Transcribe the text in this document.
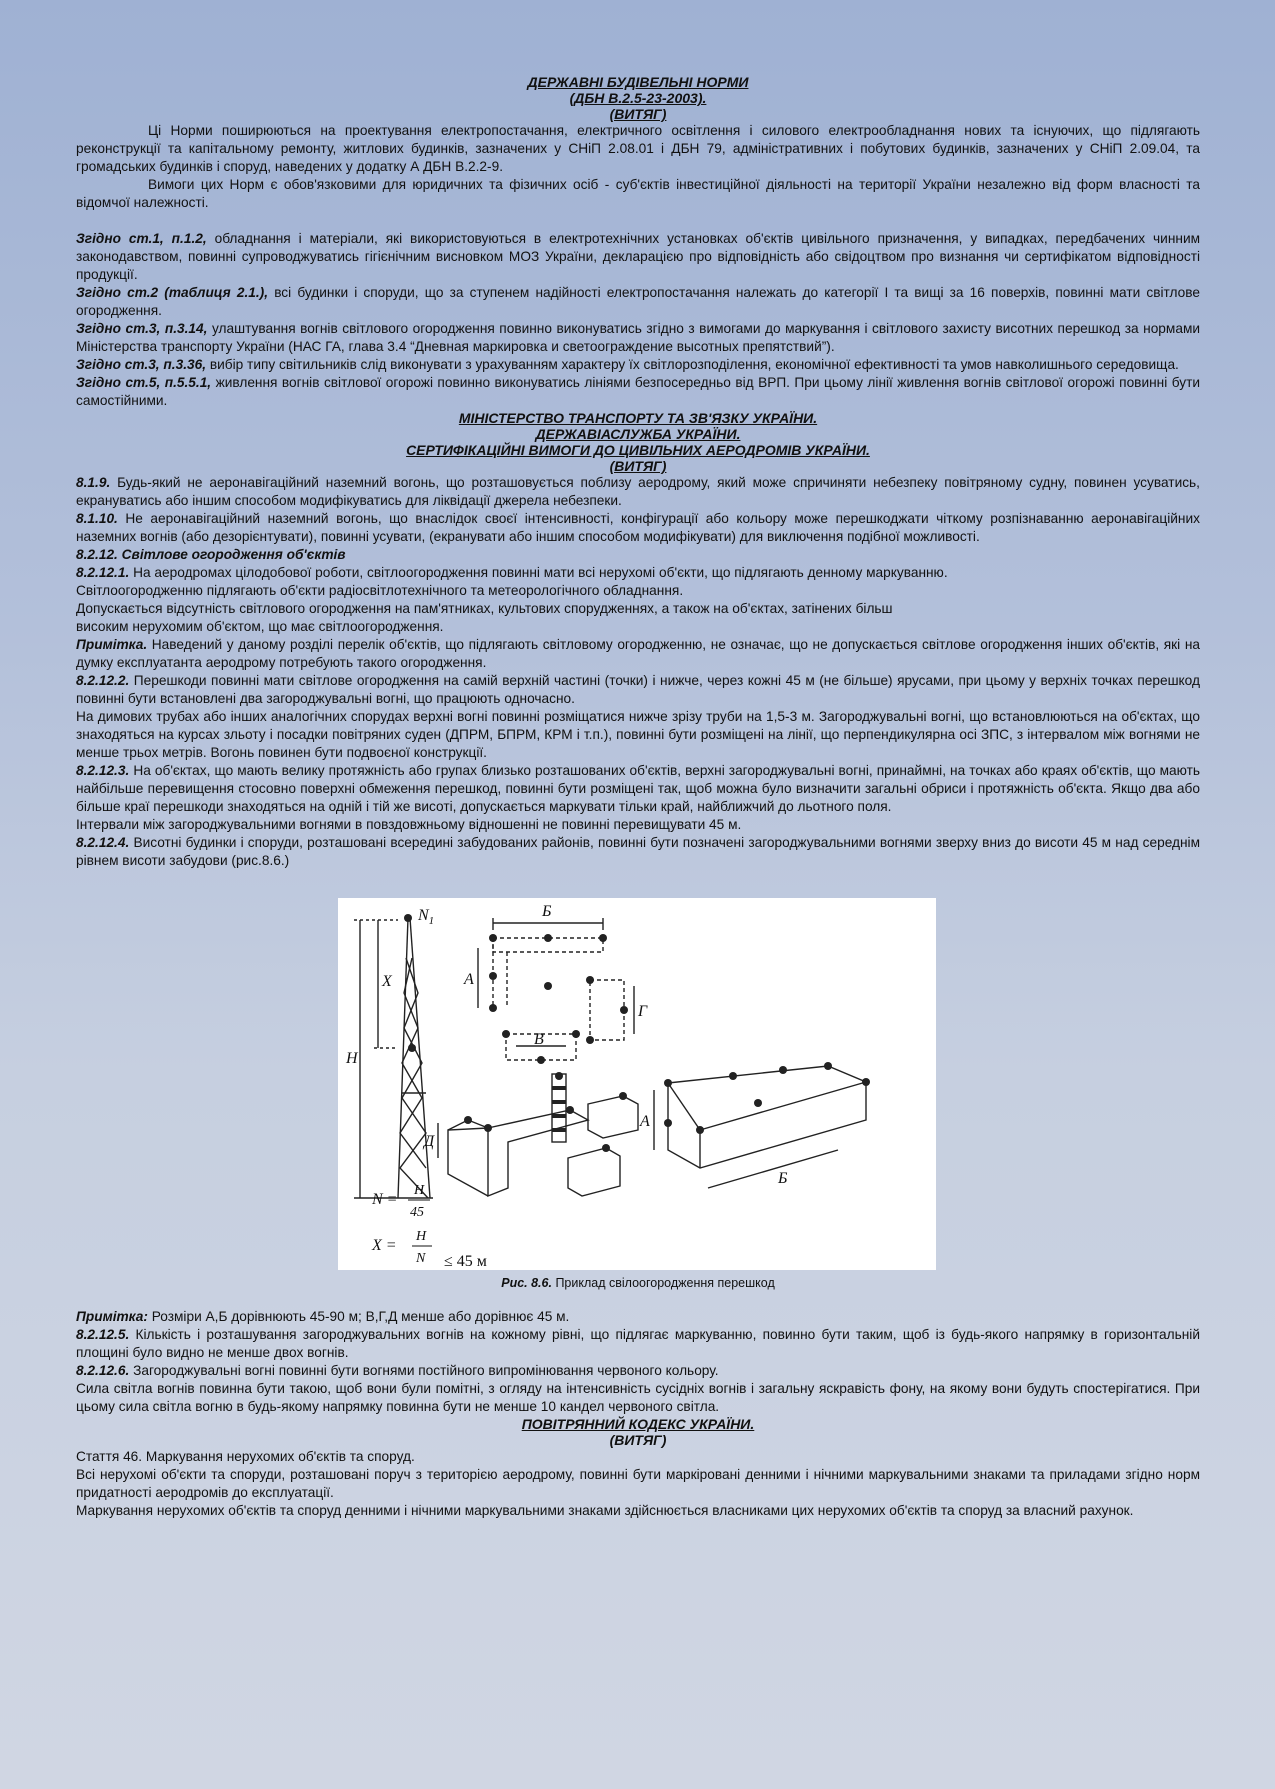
ДЕРЖАВНІ БУДІВЕЛЬНІ НОРМИ
(ДБН В.2.5-23-2003).
(ВИТЯГ)

Ці Норми поширюються на проектування електропостачання, електричного освітлення і силового електрообладнання нових та існуючих, що підлягають реконструкції та капітальному ремонту, житлових будинків, зазначених у СНіП 2.08.01 і ДБН 79, адміністративних і побутових будинків, зазначених у СНіП 2.09.04, та громадських будинків і споруд, наведених у додатку А ДБН В.2.2-9.

Вимоги цих Норм є обов'язковими для юридичних та фізичних осіб - суб'єктів інвестиційної діяльності на території України незалежно від форм власності та відомчої належності.

Згідно ст.1, п.1.2, обладнання і матеріали, які використовуються в електротехнічних установках об'єктів цивільного призначення, у випадках, передбачених чинним законодавством, повинні супроводжуватись гігієнічним висновком МОЗ України, декларацією про відповідність або свідоцтвом про визнання чи сертифікатом відповідності продукції.

Згідно ст.2 (таблиця 2.1.), всі будинки і споруди, що за ступенем надійності електропостачання належать до категорії І та вищі за 16 поверхів, повинні мати світлове огородження.

Згідно ст.3, п.3.14, улаштування вогнів світлового огородження повинно виконуватись згідно з вимогами до маркування і світлового захисту висотних перешкод за нормами Міністерства транспорту України (НАС ГА, глава 3.4 “Дневная маркировка и светоограждение высотных препятствий”).

Згідно ст.3, п.3.36, вибір типу світильників слід виконувати з урахуванням характеру їх світлорозподілення, економічної ефективності та умов навколишнього середовища.

Згідно ст.5, п.5.5.1, живлення вогнів світлової огорожі повинно виконуватись лініями безпосередньо від ВРП. При цьому лінії живлення вогнів світлової огорожі повинні бути самостійними.

МІНІСТЕРСТВО ТРАНСПОРТУ ТА ЗВ'ЯЗКУ УКРАЇНИ.
ДЕРЖАВІАСЛУЖБА УКРАЇНИ.
СЕРТИФІКАЦІЙНІ ВИМОГИ ДО ЦИВІЛЬНИХ АЕРОДРОМІВ УКРАЇНИ.
(ВИТЯГ)

8.1.9. Будь-який не аеронавігаційний наземний вогонь, що розташовується поблизу аеродрому, який може спричиняти небезпеку повітряному судну, повинен усуватись, екрануватись або іншим способом модифікуватись для ліквідації джерела небезпеки.

8.1.10. Не аеронавігаційний наземний вогонь, що внаслідок своєї інтенсивності, конфігурації або кольору може перешкоджати чіткому розпізнаванню аеронавігаційних наземних вогнів (або дезорієнтувати), повинні усувати, (екранувати або іншим способом модифікувати) для виключення подібної можливості.

8.2.12. Світлове огородження об'єктів

8.2.12.1. На аеродромах цілодобової роботи, світлоогородження повинні мати всі нерухомі об'єкти, що підлягають денному маркуванню.

Світлоогородженню підлягають об'єкти радіосвітлотехнічного та метеорологічного обладнання.

Допускається відсутність світлового огородження на пам'ятниках, культових спорудженнях, а також на об'єктах, затінених більш

високим нерухомим об'єктом, що має світлоогородження.

Примітка. Наведений у даному розділі перелік об'єктів, що підлягають світловому огородженню, не означає, що не допускається світлове огородження інших об'єктів, які на думку експлуатанта аеродрому потребують такого огородження.

8.2.12.2. Перешкоди повинні мати світлове огородження на самій верхній частині (точки) і нижче, через кожні 45 м (не більше) ярусами, при цьому у верхніх точках перешкод повинні бути встановлені два загороджувальні вогні, що працюють одночасно.

На димових трубах або інших аналогічних спорудах верхні вогні повинні розміщатися нижче зрізу труби на 1,5-3 м. Загороджувальні вогні, що встановлюються на об'єктах, що знаходяться на курсах зльоту і посадки повітряних суден (ДПРМ, БПРМ, КРМ і т.п.), повинні бути розміщені на лінії, що перпендикулярна осі ЗПС, з інтервалом між вогнями не менше трьох метрів. Вогонь повинен бути подвоєної конструкції.

8.2.12.3. На об'єктах, що мають велику протяжність або групах близько розташованих об'єктів, верхні загороджувальні вогні, принаймні, на точках або краях об'єктів, що мають найбільше перевищення стосовно поверхні обмеження перешкод, повинні бути розміщені так, щоб можна було визначити загальні обриси і протяжність об'єкта. Якщо два або більше краї перешкоди знаходяться на одній і тій же висоті, допускається маркувати тільки край, найближчий до льотного поля.

Інтервали між загороджувальними вогнями в повздовжньому відношенні не повинні перевищувати 45 м.

8.2.12.4. Висотні будинки і споруди, розташовані всередині забудованих районів, повинні бути позначені загороджувальними вогнями зверху вниз до висоти 45 м над середнім рівнем висоти забудови (рис.8.6.)

$N_1$
X
H
Б
А
Г
В
Д
А
Б
N =
H
45
X =
H
N ≤ 45 м
Рис. 8.6. Приклад свілоогородження перешкод

Примітка: Розміри А,Б дорівнюють 45-90 м; В,Г,Д менше або дорівнює 45 м.

8.2.12.5. Кількість і розташування загороджувальних вогнів на кожному рівні, що підлягає маркуванню, повинно бути таким, щоб із будь-якого напрямку в горизонтальній площині було видно не менше двох вогнів.

8.2.12.6. Загороджувальні вогні повинні бути вогнями постійного випромінювання червоного кольору.

Сила світла вогнів повинна бути такою, щоб вони були помітні, з огляду на інтенсивність сусідніх вогнів і загальну яскравість фону, на якому вони будуть спостерігатися. При цьому сила світла вогню в будь-якому напрямку повинна бути не менше 10 кандел червоного світла.

ПОВІТРЯННИЙ КОДЕКС УКРАЇНИ.
(ВИТЯГ)

Стаття 46. Маркування нерухомих об'єктів та споруд.

Всі нерухомі об'єкти та споруди, розташовані поруч з територією аеродрому, повинні бути маркіровані денними і нічними маркувальними знаками та приладами згідно норм придатності аеродромів до експлуатації.

Маркування нерухомих об'єктів та споруд денними і нічними маркувальними знаками здійснюється власниками цих нерухомих об'єктів та споруд за власний рахунок.
